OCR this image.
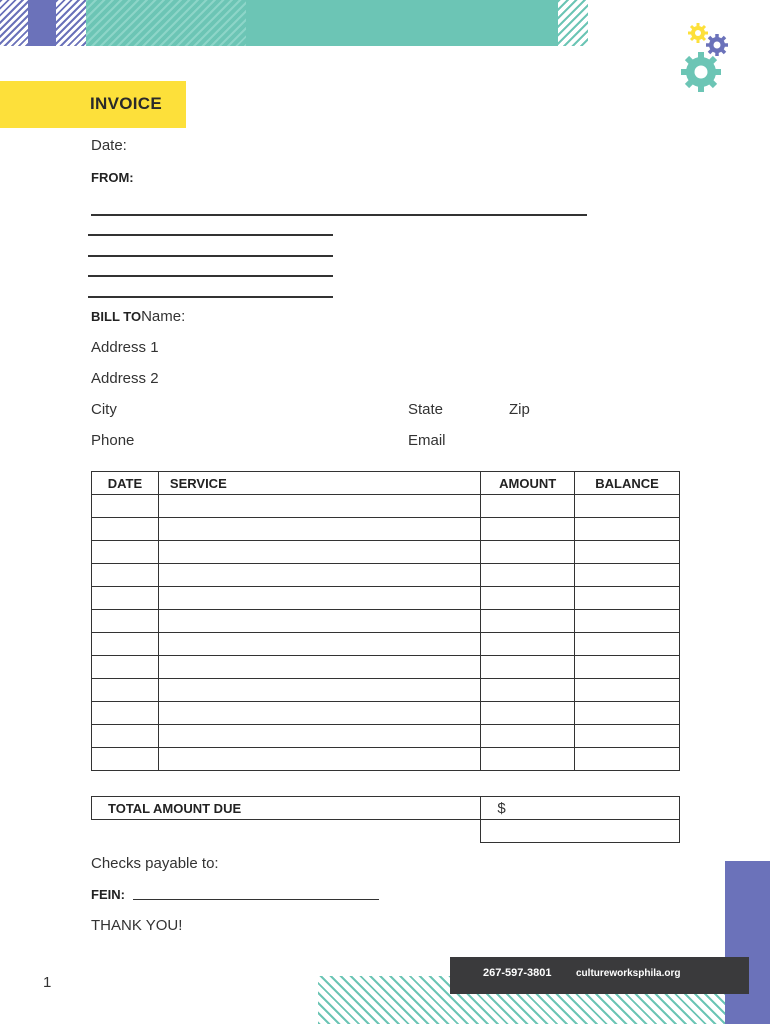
INVOICE
Date:
FROM:
BILL TOName:
Address 1
Address 2
City	State	Zip
Phone	Email
DATE	SERVICE	AMOUNT	BALANCE

TOTAL AMOUNT DUE	$

Checks payable to:
FEIN:
THANK YOU!
267-597-3801 cultureworksphila.org
1
